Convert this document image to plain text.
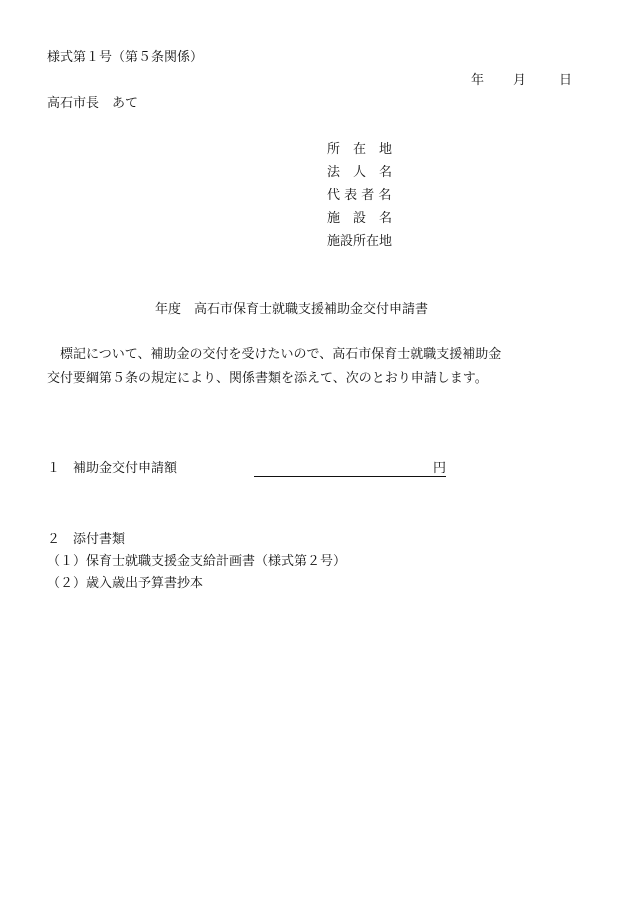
様式第１号（第５条関係）
年 月	日
高石市長　あて
所　在　地
法　人　名
代 表 者 名
施　設　名
施設所在地
年度　高石市保育士就職支援補助金交付申請書
　標記について、補助金の交付を受けたいので、高石市保育士就職支援補助金
交付要綱第５条の規定により、関係書類を添えて、次のとおり申請します。
１　補助金交付申請額	円
２　添付書類
（１）保育士就職支援金支給計画書（様式第２号）
（２）歳入歳出予算書抄本
